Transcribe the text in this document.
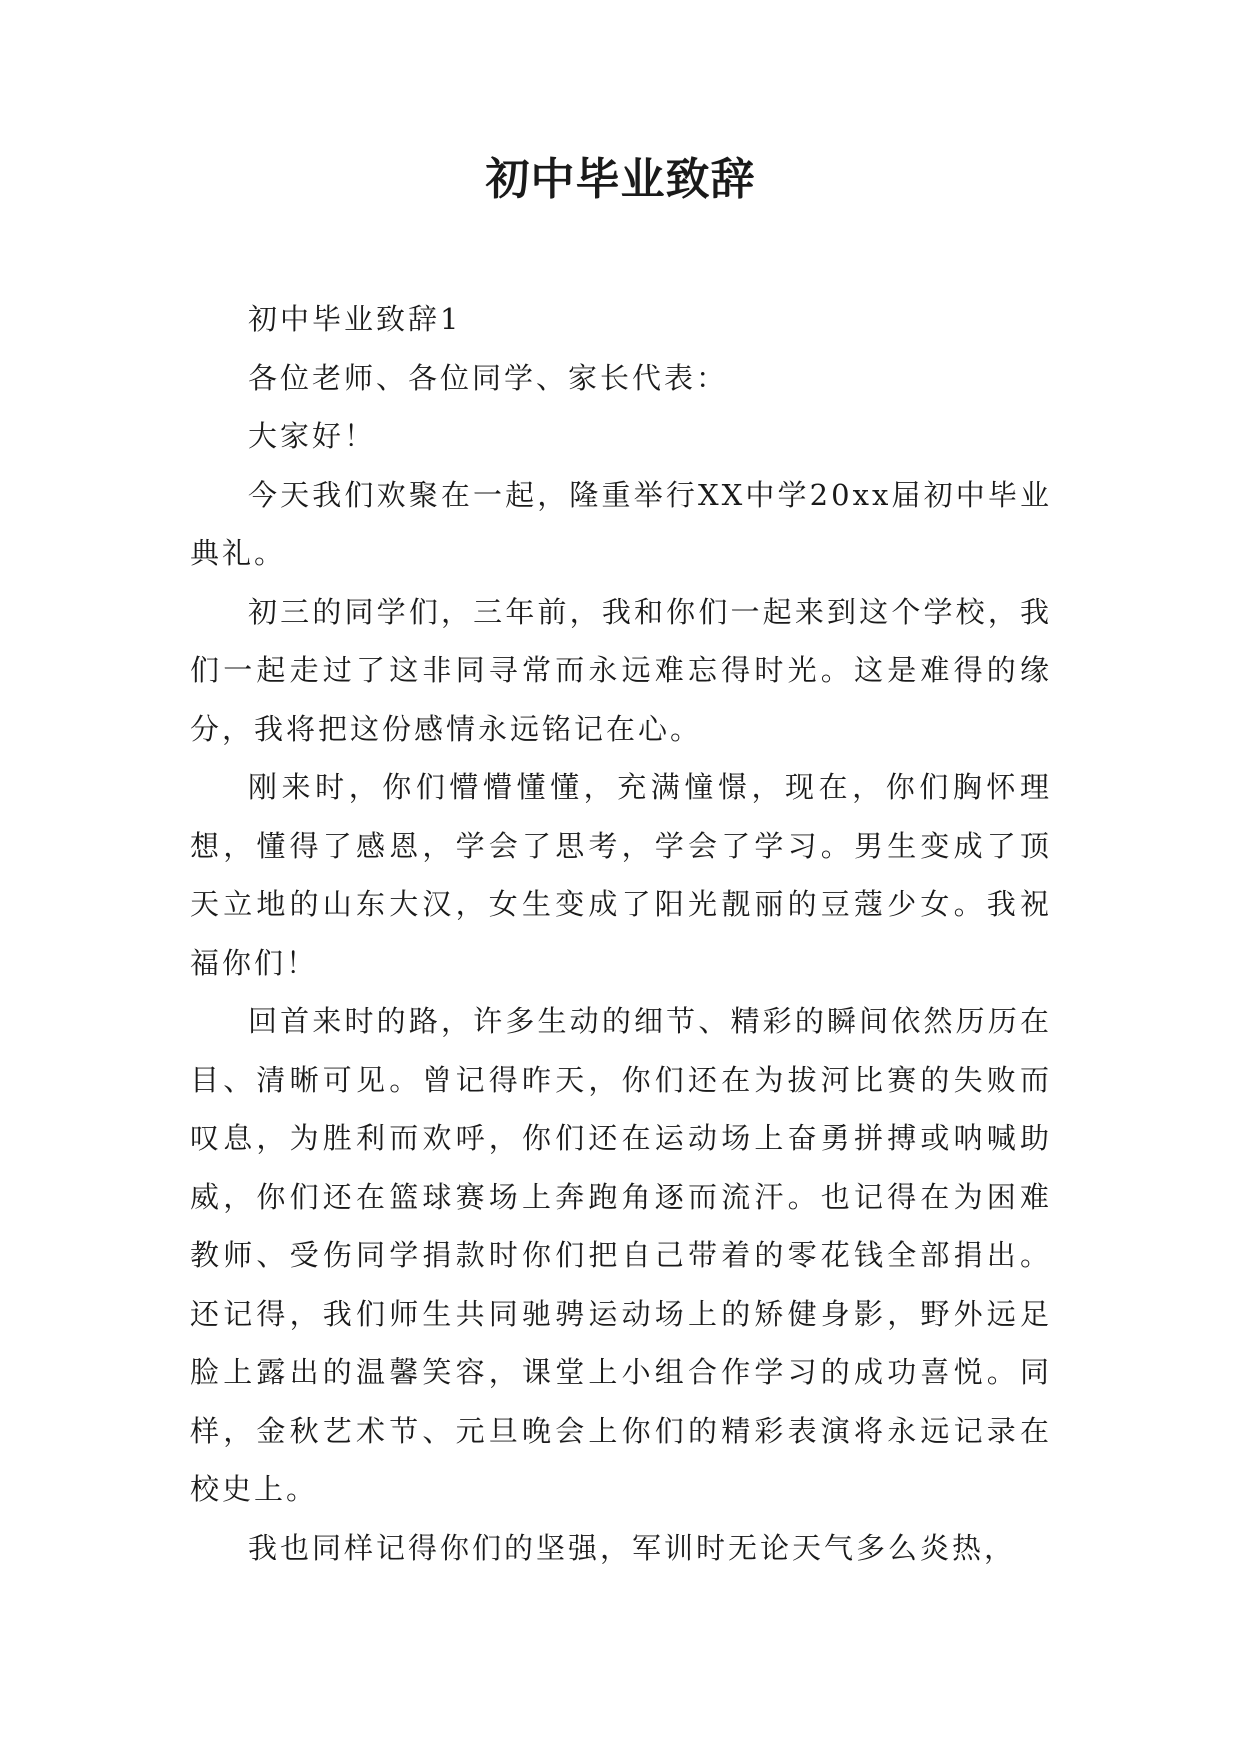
初中毕业致辞

初中毕业致辞1

各位老师、各位同学、家长代表：

大家好！

今天我们欢聚在一起，隆重举行XX中学20xx届初中毕业典礼。

初三的同学们，三年前，我和你们一起来到这个学校，我们一起走过了这非同寻常而永远难忘得时光。这是难得的缘分，我将把这份感情永远铭记在心。

刚来时，你们懵懵懂懂，充满憧憬，现在，你们胸怀理想，懂得了感恩，学会了思考，学会了学习。男生变成了顶天立地的山东大汉，女生变成了阳光靓丽的豆蔻少女。我祝福你们！

回首来时的路，许多生动的细节、精彩的瞬间依然历历在目、清晰可见。曾记得昨天，你们还在为拔河比赛的失败而叹息，为胜利而欢呼，你们还在运动场上奋勇拼搏或呐喊助威，你们还在篮球赛场上奔跑角逐而流汗。也记得在为困难教师、受伤同学捐款时你们把自己带着的零花钱全部捐出。还记得，我们师生共同驰骋运动场上的矫健身影，野外远足脸上露出的温馨笑容，课堂上小组合作学习的成功喜悦。同样，金秋艺术节、元旦晚会上你们的精彩表演将永远记录在校史上。

我也同样记得你们的坚强，军训时无论天气多么炎热，
